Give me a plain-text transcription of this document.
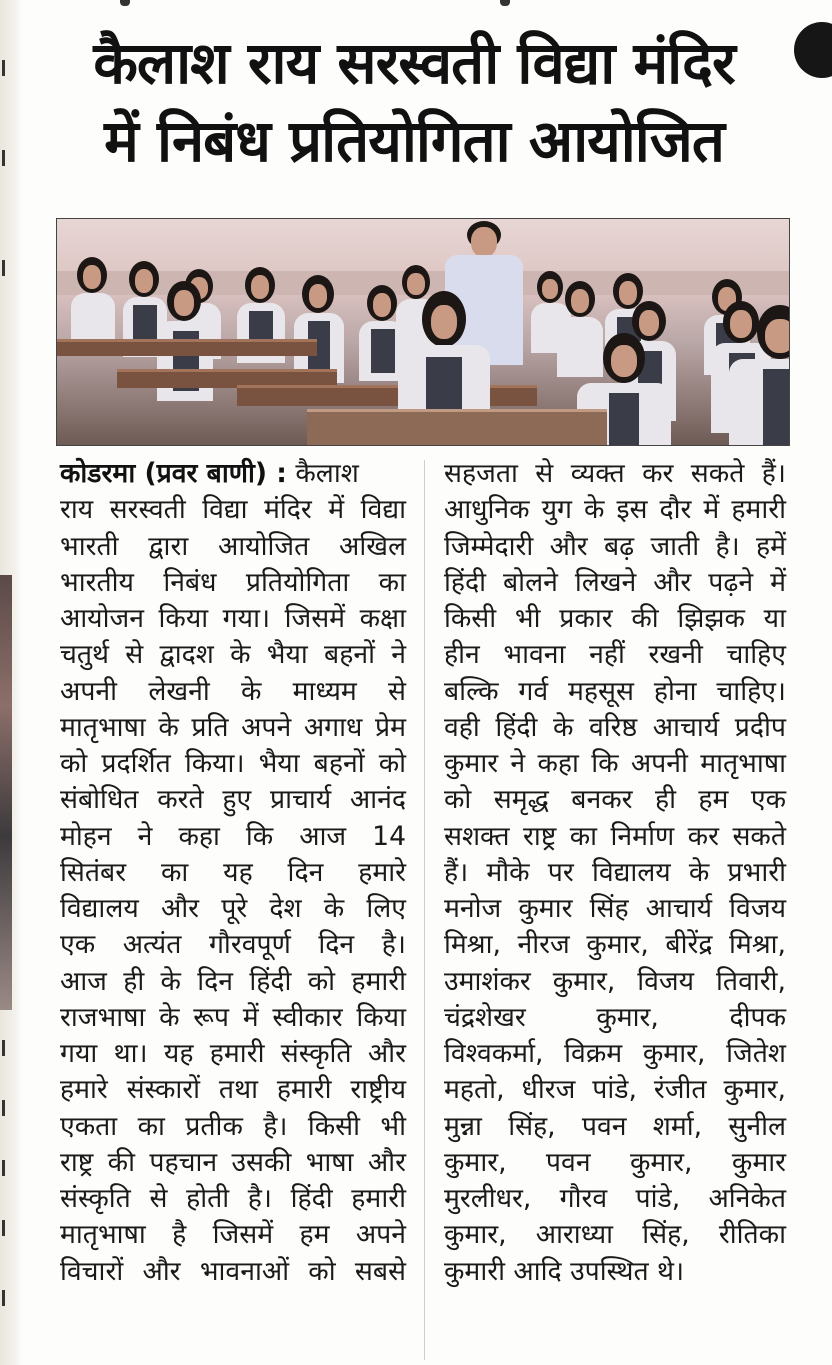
कैलाश राय सरस्वती विद्या मंदिर
में निबंध प्रतियोगिता आयोजित
कोडरमा (प्रवर बाणी) : कैलाश
राय सरस्वती विद्या मंदिर में विद्या
भारती द्वारा आयोजित अखिल
भारतीय निबंध प्रतियोगिता का
आयोजन किया गया। जिसमें कक्षा
चतुर्थ से द्वादश के भैया बहनों ने
अपनी लेखनी के माध्यम से
मातृभाषा के प्रति अपने अगाध प्रेम
को प्रदर्शित किया। भैया बहनों को
संबोधित करते हुए प्राचार्य आनंद
मोहन ने कहा कि आज 14
सितंबर का यह दिन हमारे
विद्यालय और पूरे देश के लिए
एक अत्यंत गौरवपूर्ण दिन है।
आज ही के दिन हिंदी को हमारी
राजभाषा के रूप में स्वीकार किया
गया था। यह हमारी संस्कृति और
हमारे संस्कारों तथा हमारी राष्ट्रीय
एकता का प्रतीक है। किसी भी
राष्ट्र की पहचान उसकी भाषा और
संस्कृति से होती है। हिंदी हमारी
मातृभाषा है जिसमें हम अपने
विचारों और भावनाओं को सबसे
सहजता से व्यक्त कर सकते हैं।
आधुनिक युग के इस दौर में हमारी
जिम्मेदारी और बढ़ जाती है। हमें
हिंदी बोलने लिखने और पढ़ने में
किसी भी प्रकार की झिझक या
हीन भावना नहीं रखनी चाहिए
बल्कि गर्व महसूस होना चाहिए।
वही हिंदी के वरिष्ठ आचार्य प्रदीप
कुमार ने कहा कि अपनी मातृभाषा
को समृद्ध बनकर ही हम एक
सशक्त राष्ट्र का निर्माण कर सकते
हैं। मौके पर विद्यालय के प्रभारी
मनोज कुमार सिंह आचार्य विजय
मिश्रा, नीरज कुमार, बीरेंद्र मिश्रा,
उमाशंकर कुमार, विजय तिवारी,
चंद्रशेखर कुमार, दीपक
विश्वकर्मा, विक्रम कुमार, जितेश
महतो, धीरज पांडे, रंजीत कुमार,
मुन्ना सिंह, पवन शर्मा, सुनील
कुमार, पवन कुमार, कुमार
मुरलीधर, गौरव पांडे, अनिकेत
कुमार, आराध्या सिंह, रीतिका
कुमारी आदि उपस्थित थे।
